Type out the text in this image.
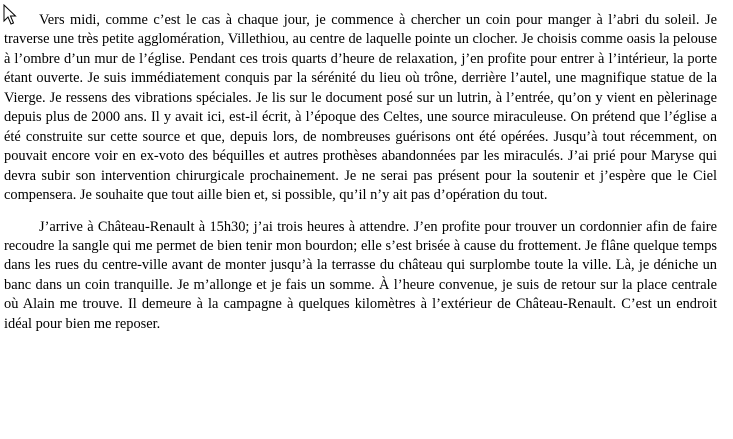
Vers midi, comme c’est le cas à chaque jour, je commence à chercher un coin pour manger à l’abri du soleil. Je traverse une très petite agglomération, Villethiou, au centre de laquelle pointe un clocher. Je choisis comme oasis la pelouse à l’ombre d’un mur de l’église. Pendant ces trois quarts d’heure de relaxation, j’en profite pour entrer à l’intérieur, la porte étant ouverte. Je suis immédiatement conquis par la sérénité du lieu où trône, derrière l’autel, une magnifique statue de la Vierge. Je ressens des vibrations spéciales. Je lis sur le document posé sur un lutrin, à l’entrée, qu’on y vient en pèlerinage depuis plus de 2000 ans. Il y avait ici, est-il écrit, à l’époque des Celtes, une source miraculeuse. On prétend que l’église a été construite sur cette source et que, depuis lors, de nombreuses guérisons ont été opérées. Jusqu’à tout récemment, on pouvait encore voir en ex-voto des béquilles et autres prothèses abandonnées par les miraculés. J’ai prié pour Maryse qui devra subir son intervention chirurgicale prochainement. Je ne serai pas présent pour la soutenir et j’espère que le Ciel compensera. Je souhaite que tout aille bien et, si possible, qu’il n’y ait pas d’opération du tout.

J’arrive à Château-Renault à 15h30; j’ai trois heures à attendre. J’en profite pour trouver un cordonnier afin de faire recoudre la sangle qui me permet de bien tenir mon bourdon; elle s’est brisée à cause du frottement. Je flâne quelque temps dans les rues du centre-ville avant de monter jusqu’à la terrasse du château qui surplombe toute la ville. Là, je déniche un banc dans un coin tranquille. Je m’allonge et je fais un somme. À l’heure convenue, je suis de retour sur la place centrale où Alain me trouve. Il demeure à la campagne à quelques kilomètres à l’extérieur de Château-Renault. C’est un endroit idéal pour bien me reposer.
